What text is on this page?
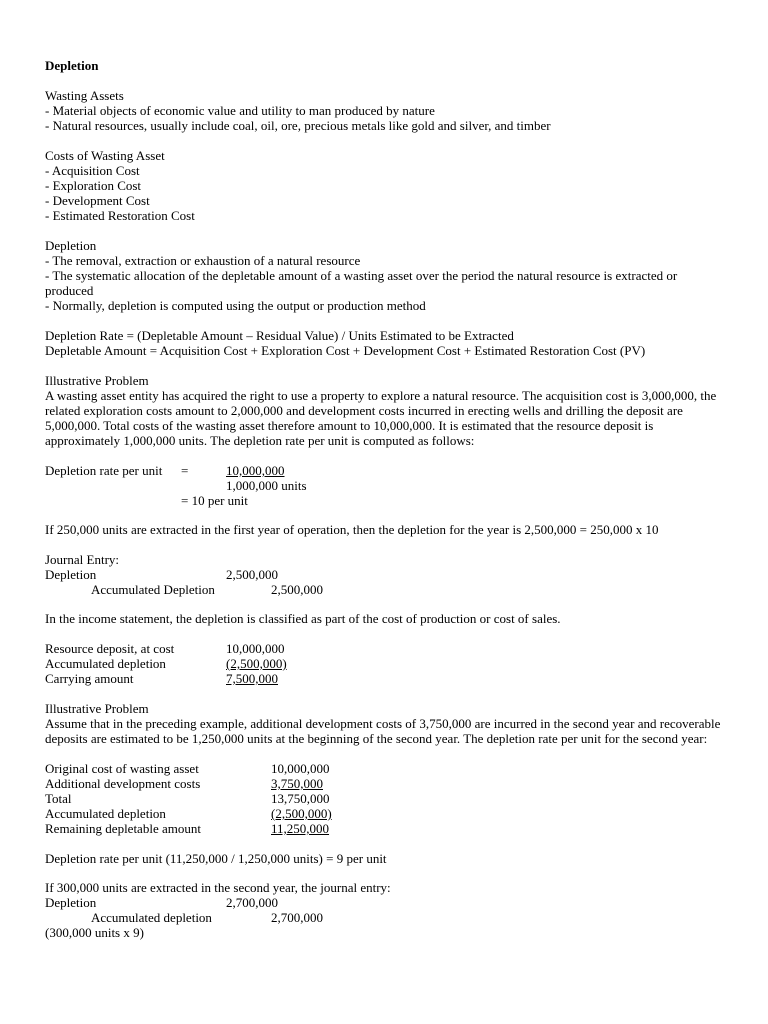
Depletion
Wasting Assets
- Material objects of economic value and utility to man produced by nature
- Natural resources, usually include coal, oil, ore, precious metals like gold and silver, and timber
Costs of Wasting Asset
- Acquisition Cost
- Exploration Cost
- Development Cost
- Estimated Restoration Cost
Depletion
- The removal, extraction or exhaustion of a natural resource
- The systematic allocation of the depletable amount of a wasting asset over the period the natural resource is extracted or produced
- Normally, depletion is computed using the output or production method
Depletion Rate = (Depletable Amount – Residual Value) / Units Estimated to be Extracted
Depletable Amount = Acquisition Cost + Exploration Cost + Development Cost + Estimated Restoration Cost (PV)
Illustrative Problem
A wasting asset entity has acquired the right to use a property to explore a natural resource. The acquisition cost is 3,000,000, the related exploration costs amount to 2,000,000 and development costs incurred in erecting wells and drilling the deposit are 5,000,000. Total costs of the wasting asset therefore amount to 10,000,000. It is estimated that the resource deposit is approximately 1,000,000 units. The depletion rate per unit is computed as follows:
Depletion rate per unit =	10,000,000
1,000,000 units
= 10 per unit
If 250,000 units are extracted in the first year of operation, then the depletion for the year is 2,500,000 = 250,000 x 10
Journal Entry:
Depletion	2,500,000
Accumulated Depletion	2,500,000
In the income statement, the depletion is classified as part of the cost of production or cost of sales.
Resource deposit, at cost	10,000,000
Accumulated depletion	(2,500,000)
Carrying amount	7,500,000
Illustrative Problem
Assume that in the preceding example, additional development costs of 3,750,000 are incurred in the second year and recoverable deposits are estimated to be 1,250,000 units at the beginning of the second year. The depletion rate per unit for the second year:
Original cost of wasting asset	10,000,000
Additional development costs	3,750,000
Total	13,750,000
Accumulated depletion	(2,500,000)
Remaining depletable amount	11,250,000
Depletion rate per unit (11,250,000 / 1,250,000 units) = 9 per unit
If 300,000 units are extracted in the second year, the journal entry:
Depletion	2,700,000
Accumulated depletion	2,700,000
(300,000 units x 9)
